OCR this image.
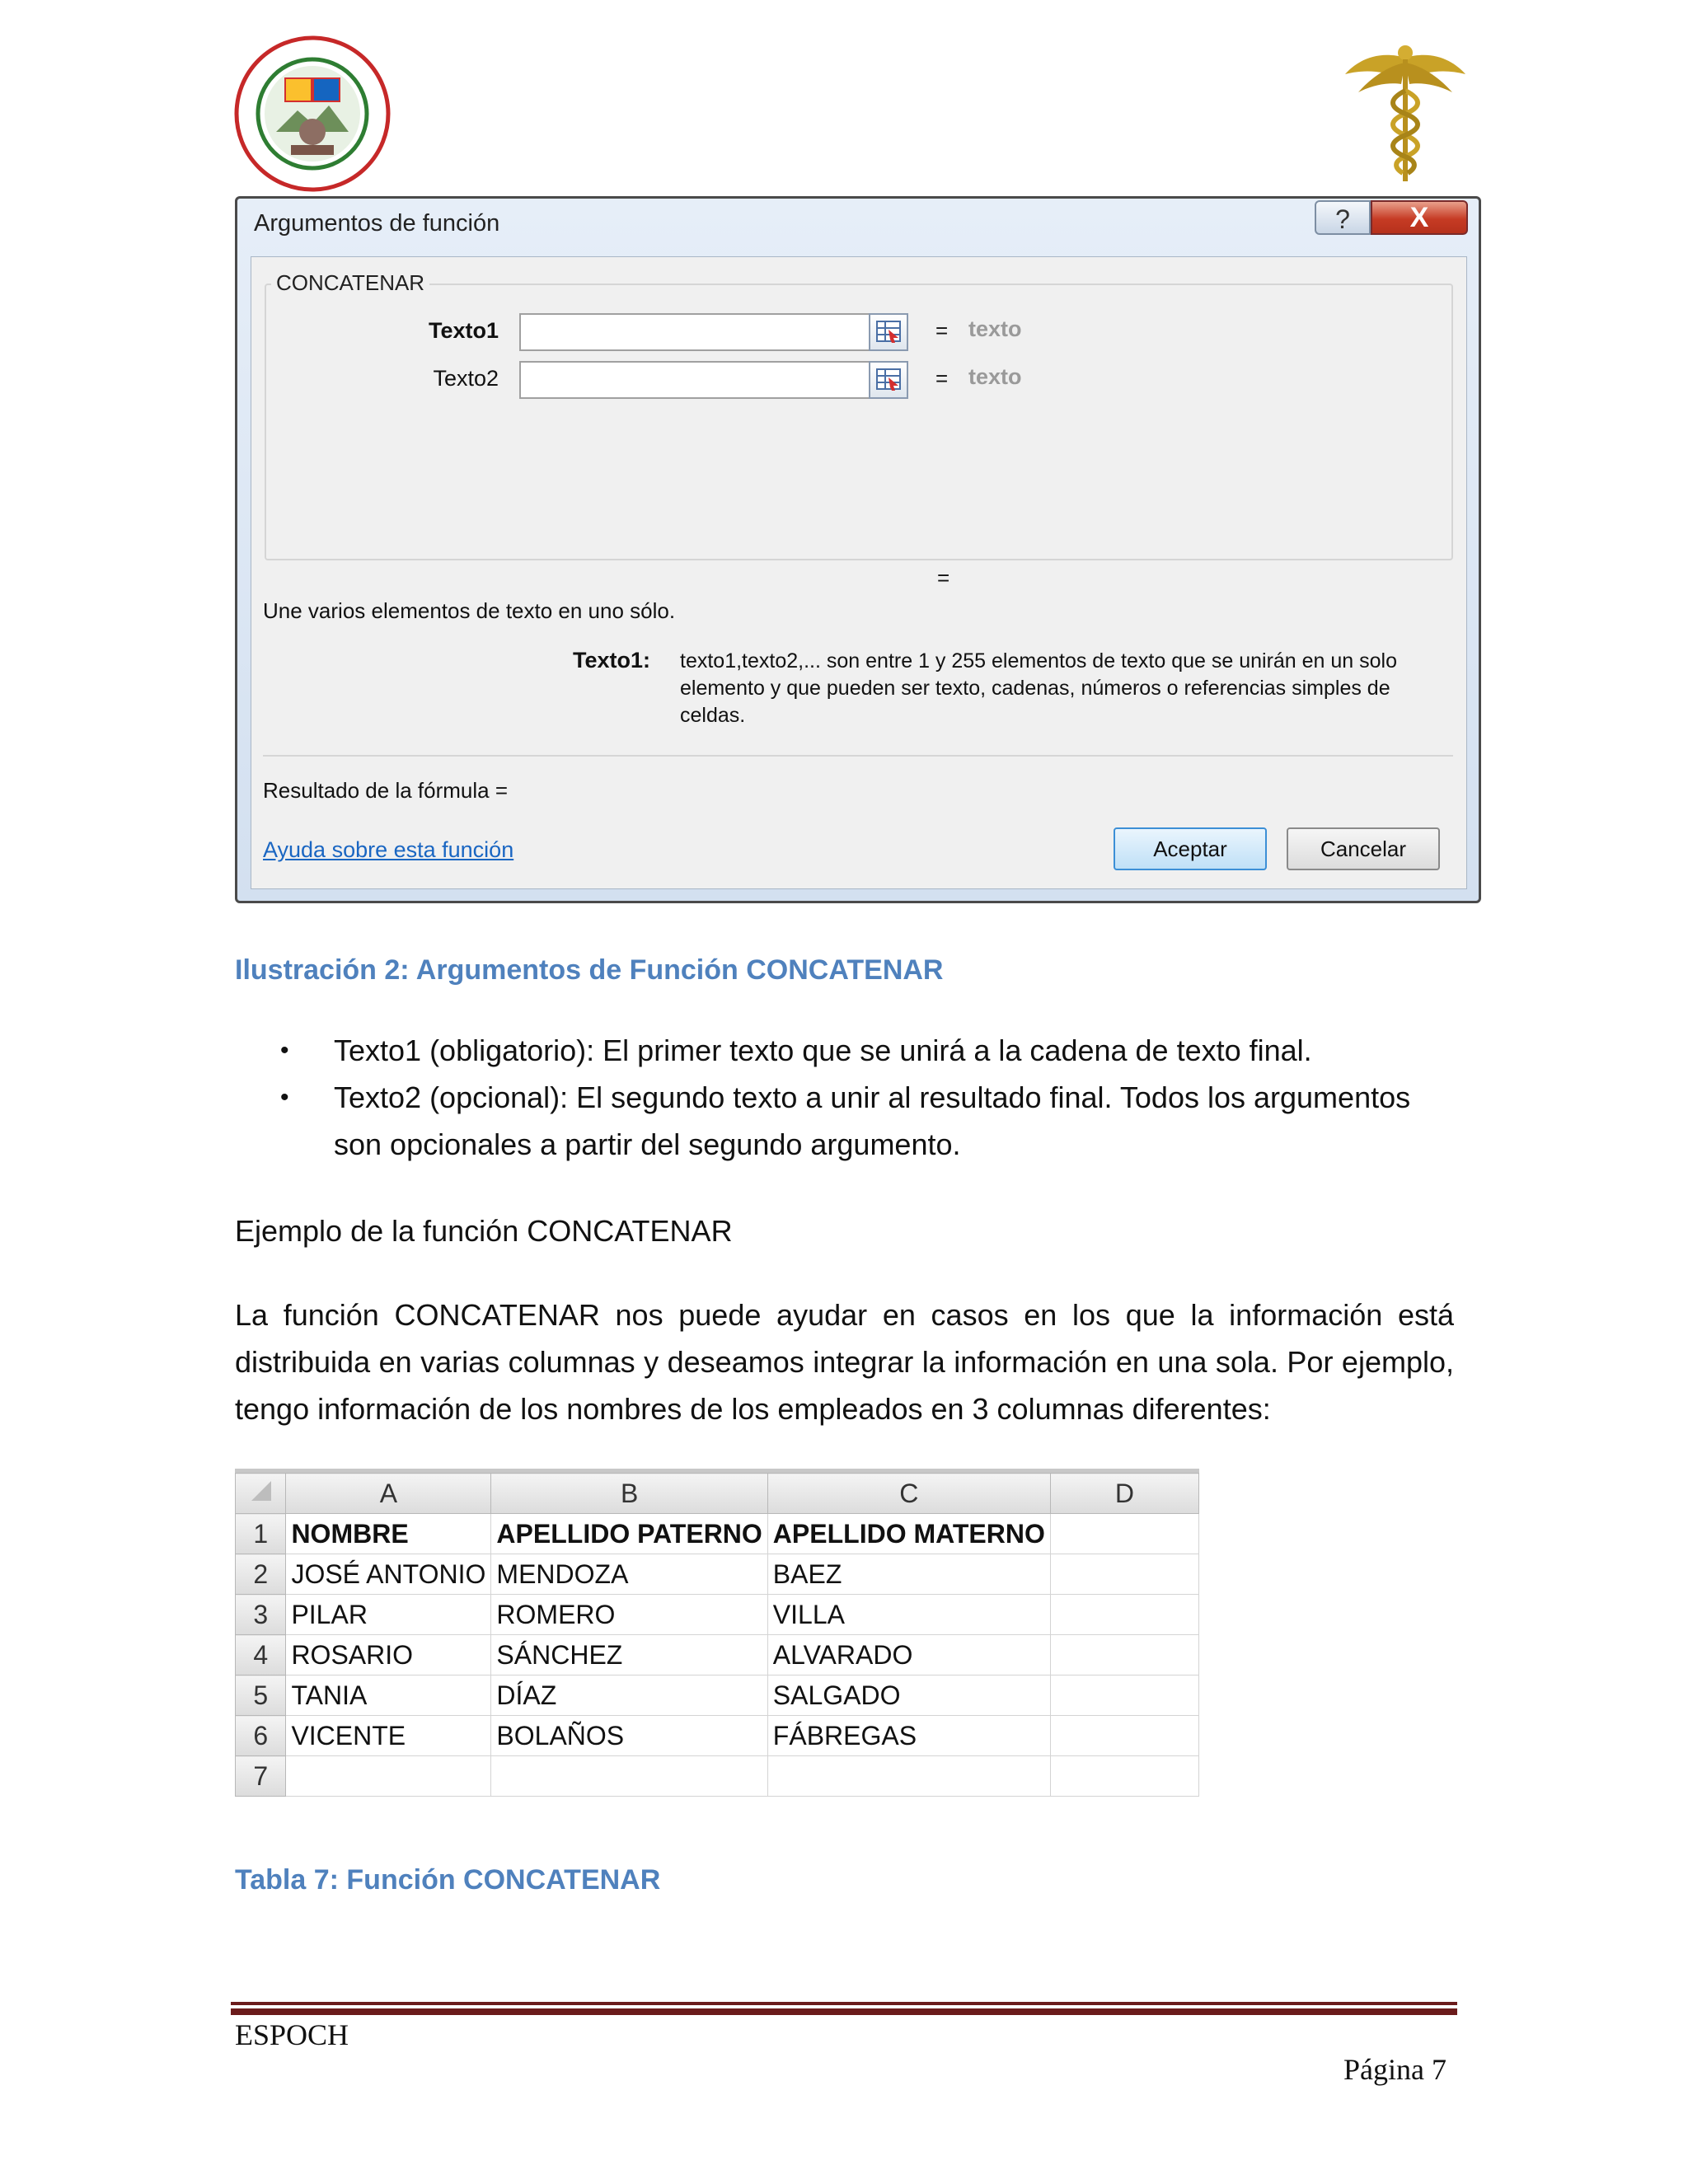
Argumentos de función	?	X
CONCATENAR
Texto1	= texto
Texto2	= texto
=
Une varios elementos de texto en uno sólo.
Texto1: texto1,texto2,... son entre 1 y 255 elementos de texto que se unirán en un solo elemento y que pueden ser texto, cadenas, números o referencias simples de celdas.
Resultado de la fórmula =
Ayuda sobre esta función	Aceptar	Cancelar
Ilustración 2: Argumentos de Función CONCATENAR
• Texto1 (obligatorio): El primer texto que se unirá a la cadena de texto final.
• Texto2 (opcional): El segundo texto a unir al resultado final. Todos los argumentos son opcionales a partir del segundo argumento.
Ejemplo de la función CONCATENAR

La función CONCATENAR nos puede ayudar en casos en los que la información está distribuida en varias columnas y deseamos integrar la información en una sola. Por ejemplo, tengo información de los nombres de los empleados en 3 columnas diferentes:

	A	B	C	D
1	NOMBRE	APELLIDO PATERNO	APELLIDO MATERNO	
2	JOSÉ ANTONIO	MENDOZA	BAEZ	
3	PILAR	ROMERO	VILLA	
4	ROSARIO	SÁNCHEZ	ALVARADO	
5	TANIA	DÍAZ	SALGADO	
6	VICENTE	BOLAÑOS	FÁBREGAS	
7				
Tabla 7: Función CONCATENAR
ESPOCH
Página 7
